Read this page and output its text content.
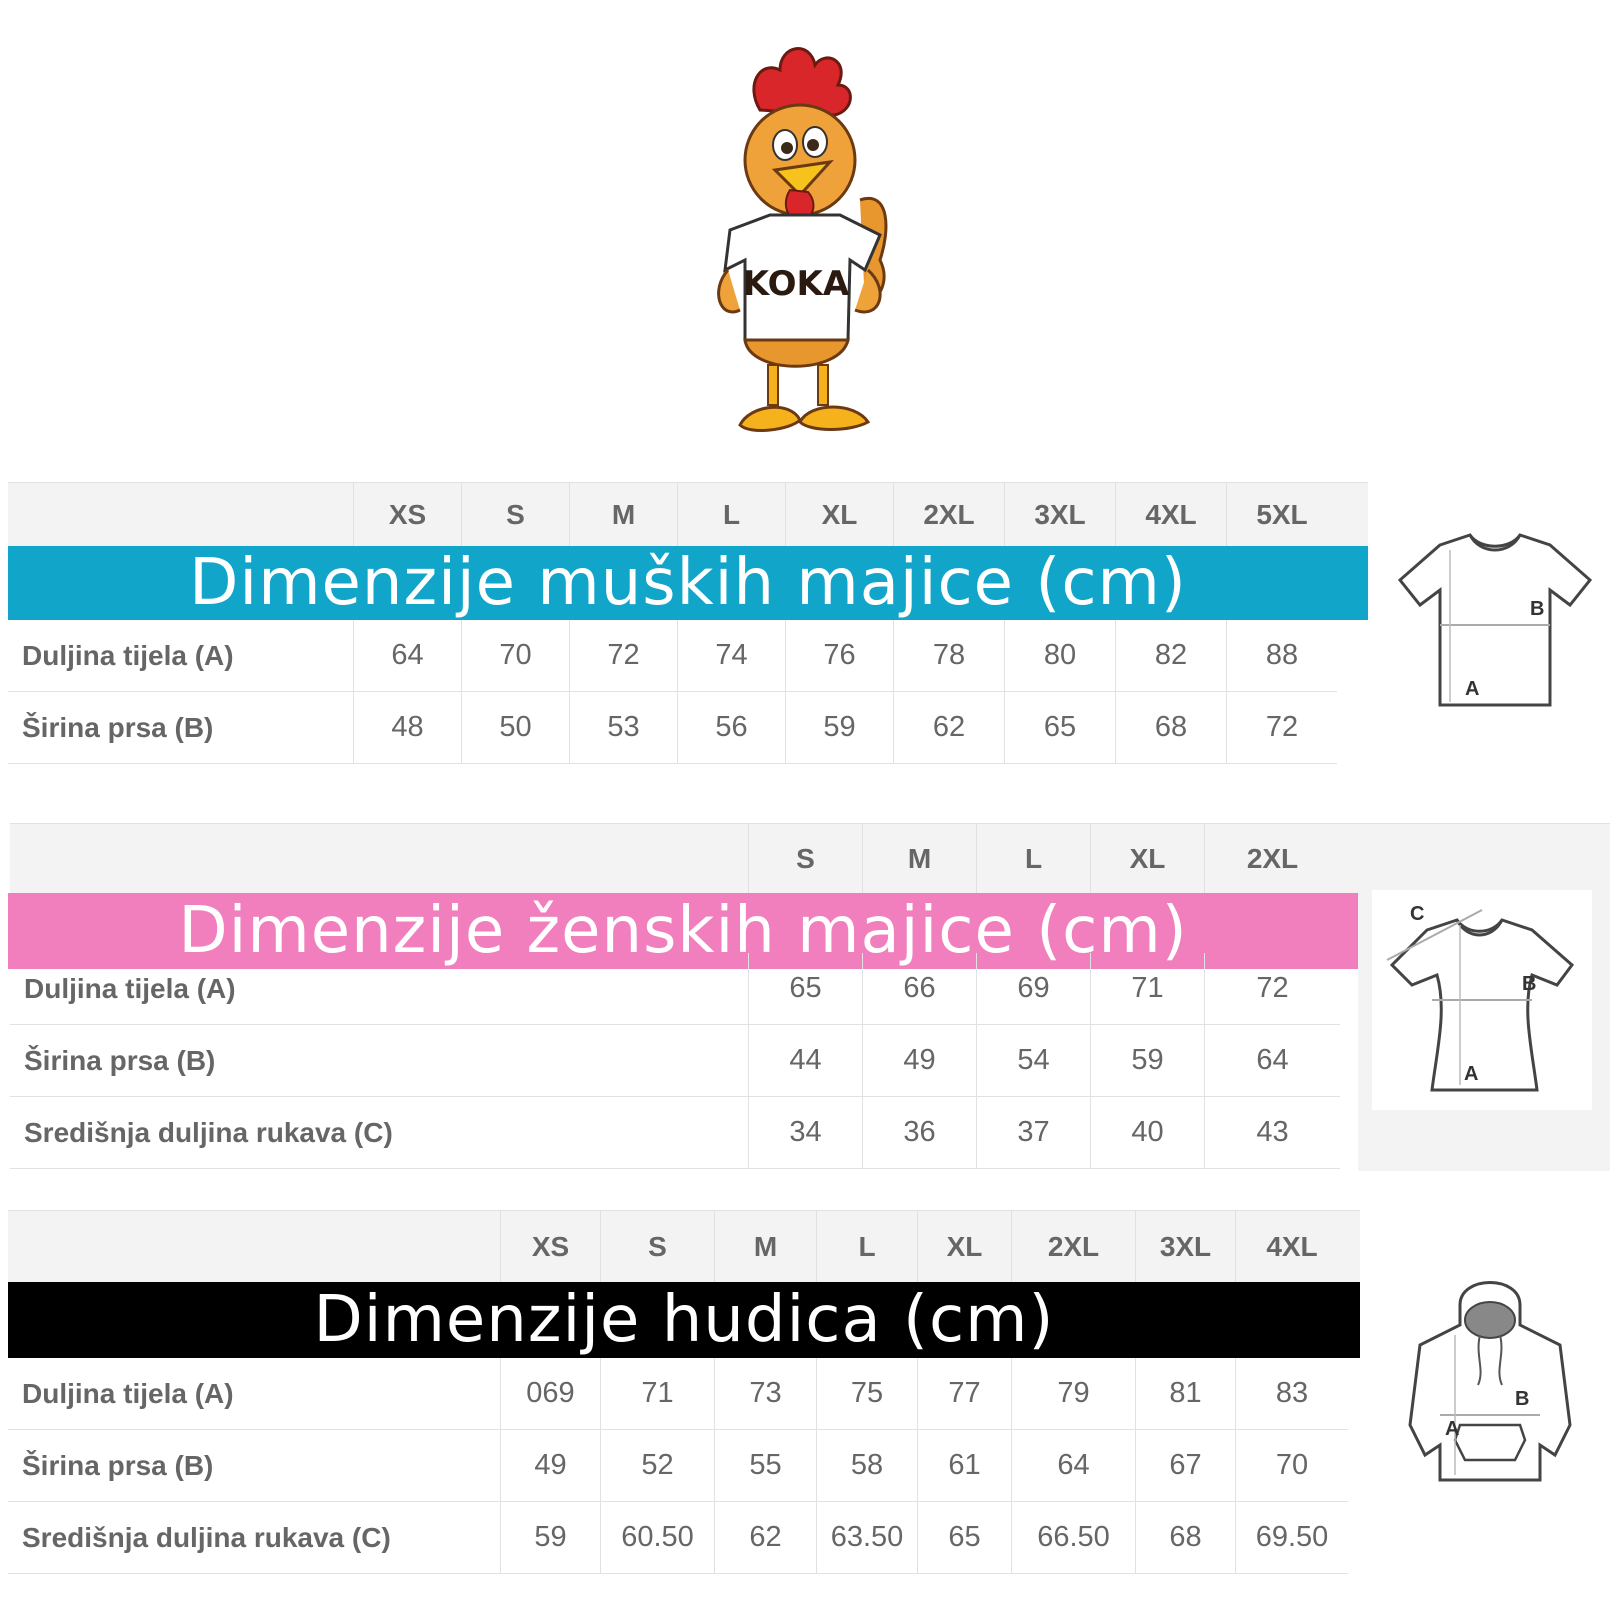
KOKA
XS	S	M	L	XL	2XL	3XL	4XL	5XL
Dimenzije muških majice (cm)
Duljina tijela (A)	64	70	72	74	76	78	80	82	88
Širina prsa (B)	48	50	53	56	59	62	65	68	72
B
A
S	M	L	XL	2XL
Dimenzije ženskih majice (cm)
Duljina tijela (A)	65	66	69	71	72
Širina prsa (B)	44	49	54	59	64
Središnja duljina rukava (C)	34	36	37	40	43
C
B
A
XS	S	M	L	XL	2XL	3XL	4XL
Dimenzije hudica (cm)
Duljina tijela (A)	069	71	73	75	77	79	81	83
Širina prsa (B)	49	52	55	58	61	64	67	70
Središnja duljina rukava (C)	59	60.50	62	63.50	65	66.50	68	69.50
B
A
